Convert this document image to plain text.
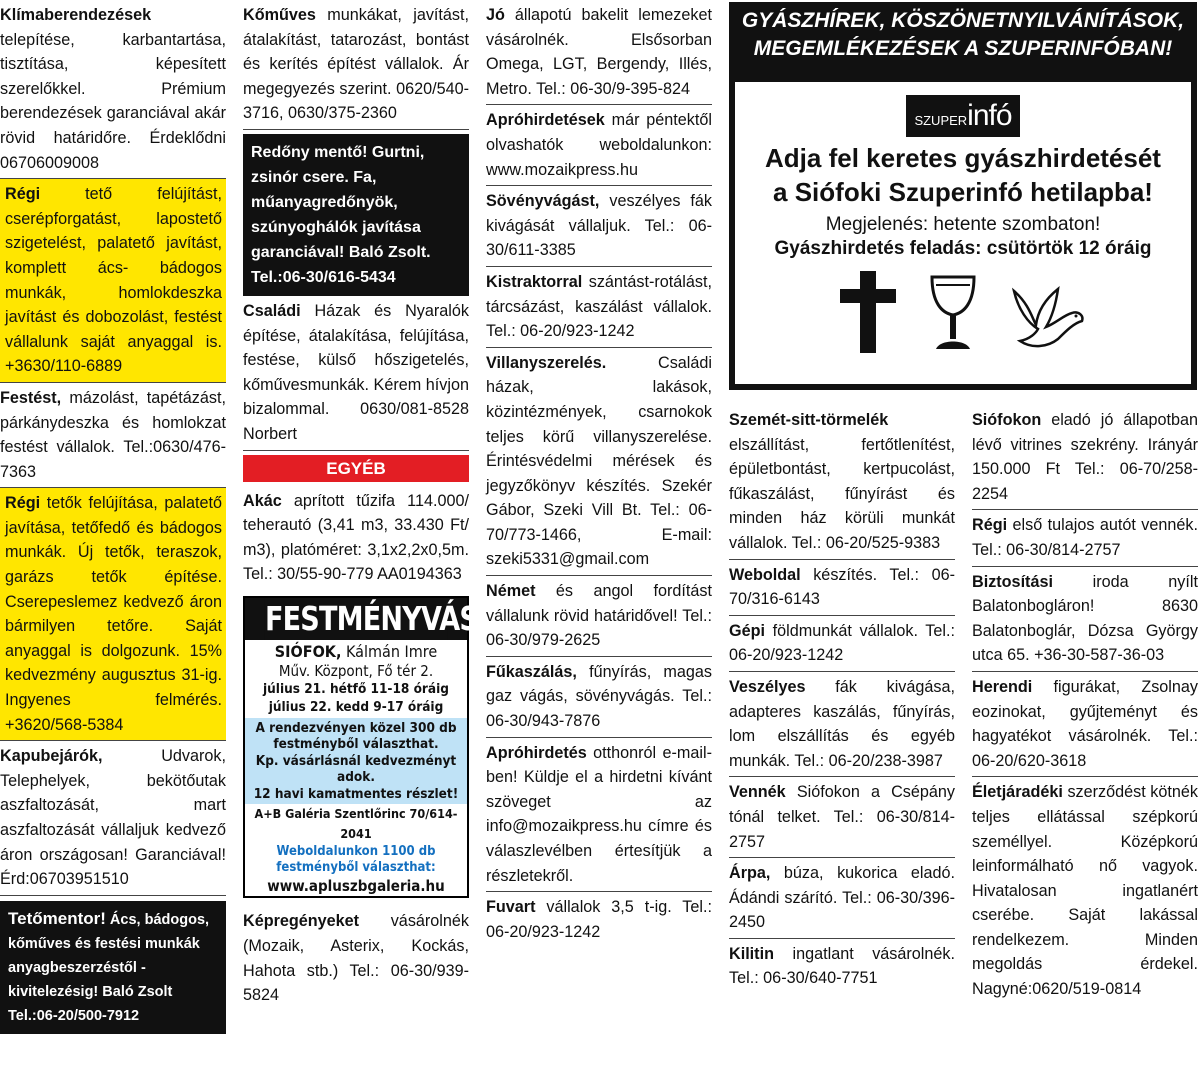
Klímaberendezések telepítése, karbantartása, tisztítása, képesített szerelőkkel. Prémium berendezések garanciával akár rövid határidőre. Érdeklődni 06706009008
Régi tető felújítást, cserépforgatást, lapostető szigetelést, palatető javítást, komplett ács- bádogos munkák, homlokdeszka javítást és dobozolást, festést vállalunk saját anyaggal is. +3630/110-6889
Festést, mázolást, tapétázást, párkánydeszka és homlokzat festést vállalok. Tel.:0630/476-7363
Régi tetők felújítása, palatető javítása, tetőfedő és bádogos munkák. Új tetők, teraszok, garázs tetők építése. Cserepeslemez kedvező áron bármilyen tetőre. Saját anyaggal is dolgozunk. 15% kedvezmény augusztus 31-ig. Ingyenes felmérés. +3620/568-5384
Kapubejárók, Udvarok, Telephelyek, bekötőutak aszfaltozását, mart aszfaltozását vállaljuk kedvező áron országosan! Garanciával! Érd:06703951510
Tetőmentor! Ács, bádogos, kőműves és festési munkák anyagbeszerzéstől -kivitelezésig! Baló Zsolt Tel.:06-20/500-7912
Kőműves munkákat, javítást, átalakítást, tatarozást, bontást és kerítés építést vállalok. Ár megegyezés szerint. 0620/540-3716, 0630/375-2360
Redőny mentő! Gurtni, zsinór csere. Fa, műanyagredőnyök, szúnyoghálók javítása garanciával! Baló Zsolt. Tel.:06-30/616-5434
Családi Házak és Nyaralók építése, átalakítása, felújítása, festése, külső hőszigetelés, kőművesmunkák. Kérem hívjon bizalommal. 0630/081-8528 Norbert
EGYÉB
Akác aprított tűzifa 114.000/ teherautó (3,41 m3, 33.430 Ft/ m3), platóméret: 3,1x2,2x0,5m. Tel.: 30/55-90-779 AA0194363
FESTMÉNYVÁSÁR
SIÓFOK, Kálmán Imre
Műv. Központ, Fő tér 2.
július 21. hétfő 11-18 óráig
július 22. kedd 9-17 óráig
A rendezvényen közel 300 db
festményből választhat.
Kp. vásárlásnál kedvezményt adok.
12 havi kamatmentes részlet!
A+B Galéria Szentlőrinc 70/614-2041
Weboldalunkon 1100 db
festményből választhat:
www.apluszbgaleria.hu
Képregényeket vásárolnék (Mozaik, Asterix, Kockás, Hahota stb.) Tel.: 06-30/939-5824
Jó állapotú bakelit lemezeket vásárolnék. Elsősorban Omega, LGT, Bergendy, Illés, Metro. Tel.: 06-30/9-395-824
Apróhirdetések már péntektől olvashatók weboldalunkon: www.mozaikpress.hu
Sövényvágást, veszélyes fák kivágását vállaljuk. Tel.: 06-30/611-3385
Kistraktorral szántást-rotálást, tárcsázást, kaszálást vállalok. Tel.: 06-20/923-1242
Villanyszerelés. Családi házak, lakások, közintézmények, csarnokok teljes körű villanyszerelése. Érintésvédelmi mérések és jegyzőkönyv készítés. Szekér Gábor, Szeki Vill Bt. Tel.: 06-70/773-1466, E-mail: szeki5331@gmail.com
Német és angol fordítást vállalunk rövid határidővel! Tel.: 06-30/979-2625
Fűkaszálás, fűnyírás, magas gaz vágás, sövényvágás. Tel.: 06-30/943-7876
Apróhirdetés otthonról e-mail-ben! Küldje el a hirdetni kívánt szöveget az info@mozaikpress.hu címre és válaszlevélben értesítjük a részletekről.
Fuvart vállalok 3,5 t-ig. Tel.: 06-20/923-1242
GYÁSZHÍREK, KÖSZÖNETNYILVÁNÍTÁSOK,
MEGEMLÉKEZÉSEK A SZUPERINFÓBAN!
SZUPERinfó
Adja fel keretes gyászhirdetését
a Siófoki Szuperinfó hetilapba!
Megjelenés: hetente szombaton!
Gyászhirdetés feladás: csütörtök 12 óráig
Szemét-sitt-törmelék elszállítást, fertőtlenítést, épületbontást, kertpucolást, fűkaszálást, fűnyírást és minden ház körüli munkát vállalok. Tel.: 06-20/525-9383
Weboldal készítés. Tel.: 06-70/316-6143
Gépi földmunkát vállalok. Tel.: 06-20/923-1242
Veszélyes fák kivágása, adapteres kaszálás, fűnyírás, lom elszállítás és egyéb munkák. Tel.: 06-20/238-3987
Vennék Siófokon a Csépány tónál telket. Tel.: 06-30/814-2757
Árpa, búza, kukorica eladó. Ádándi szárító. Tel.: 06-30/396-2450
Kilitin ingatlant vásárolnék. Tel.: 06-30/640-7751
Siófokon eladó jó állapotban lévő vitrines szekrény. Irányár 150.000 Ft Tel.: 06-70/258-2254
Régi első tulajos autót vennék. Tel.: 06-30/814-2757
Biztosítási iroda nyílt Balatonbogláron! 8630 Balatonboglár, Dózsa György utca 65. +36-30-587-36-03
Herendi figurákat, Zsolnay eozinokat, gyűjteményt és hagyatékot vásárolnék. Tel.: 06-20/620-3618
Életjáradéki szerződést kötnék teljes ellátással szépkorú személlyel. Középkorú leinformálható nő vagyok. Hivatalosan ingatlanért cserébe. Saját lakással rendelkezem. Minden megoldás érdekel. Nagyné:0620/519-0814
